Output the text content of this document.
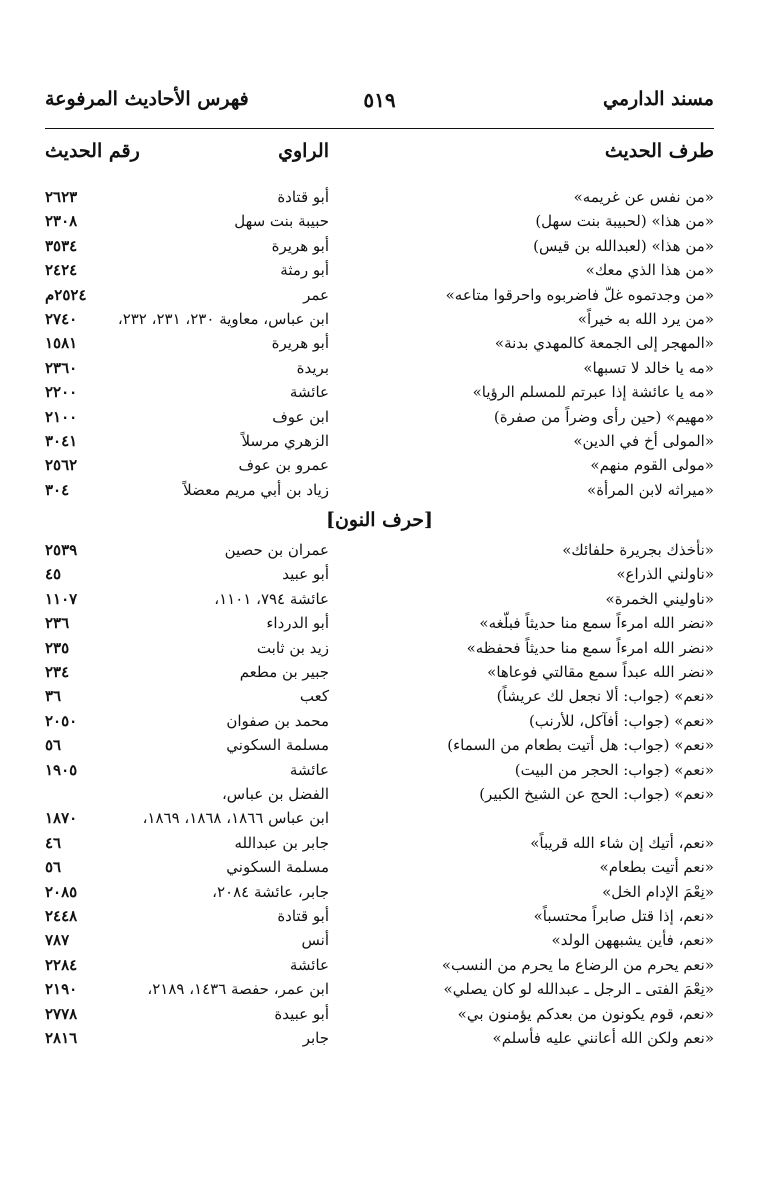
مسند الدارمي
٥١٩
فهرس الأحاديث المرفوعة
طرف الحديث
الراوي
رقم الحديث
«من نفس عن غريمه»
أبو قتادة
٢٦٢٣
«من هذا» (لحبيبة بنت سهل)
حبيبة بنت سهل
٢٣٠٨
«من هذا» (لعبدالله بن قيس)
أبو هريرة
٣٥٣٤
«من هذا الذي معك»
أبو رمثة
٢٤٢٤
«من وجدتموه غلّ فاضربوه واحرقوا متاعه»
عمر
٢٥٢٤م
«من يرد الله به خيراً»
ابن عباس، معاوية ٢٣٠، ٢٣١، ٢٣٢،
٢٧٤٠
«المهجر إلى الجمعة كالمهدي بدنة»
أبو هريرة
١٥٨١
«مه يا خالد لا تسبها»
بريدة
٢٣٦٠
«مه يا عائشة إذا عبرتم للمسلم الرؤيا»
عائشة
٢٢٠٠
«مهيم» (حين رأى وضراً من صفرة)
ابن عوف
٢١٠٠
«المولى أخ في الدين»
الزهري مرسلاً
٣٠٤١
«مولى القوم منهم»
عمرو بن عوف
٢٥٦٢
«ميراثه لابن المرأة»
زياد بن أبي مريم معضلاً
٣٠٤
[حرف النون]
«نأخذك بجريرة حلفائك»
عمران بن حصين
٢٥٣٩
«ناولني الذراع»
أبو عبيد
٤٥
«ناوليني الخمرة»
عائشة ٧٩٤، ١١٠١،
١١٠٧
«نضر الله امرءاً سمع منا حديثاً فبلّغه»
أبو الدرداء
٢٣٦
«نضر الله امرءاً سمع منا حديثاً فحفظه»
زيد بن ثابت
٢٣٥
«نضر الله عبداً سمع مقالتي فوعاها»
جبير بن مطعم
٢٣٤
«نعم» (جواب: ألا نجعل لك عريشاً)
كعب
٣٦
«نعم» (جواب: أفآكل، للأرنب)
محمد بن صفوان
٢٠٥٠
«نعم» (جواب: هل أتيت بطعام من السماء)
مسلمة السكوني
٥٦
«نعم» (جواب: الحجر من البيت)
عائشة
١٩٠٥
«نعم» (جواب: الحج عن الشيخ الكبير)
الفضل بن عباس،
ابن عباس ١٨٦٦، ١٨٦٨، ١٨٦٩،
١٨٧٠
«نعم، أتيك إن شاء الله قريباً»
جابر بن عبدالله
٤٦
«نعم أتيت بطعام»
مسلمة السكوني
٥٦
«نِعْمَ الإدام الخل»
جابر، عائشة ٢٠٨٤،
٢٠٨٥
«نعم، إذا قتل صابراً محتسباً»
أبو قتادة
٢٤٤٨
«نعم، فأين يشبههن الولد»
أنس
٧٨٧
«نعم يحرم من الرضاع ما يحرم من النسب»
عائشة
٢٢٨٤
«نِعْمَ الفتى ـ الرجل ـ عبدالله لو كان يصلي»
ابن عمر، حفصة ١٤٣٦، ٢١٨٩،
٢١٩٠
«نعم، قوم يكونون من بعدكم يؤمنون بي»
أبو عبيدة
٢٧٧٨
«نعم ولكن الله أعانني عليه فأسلم»
جابر
٢٨١٦
